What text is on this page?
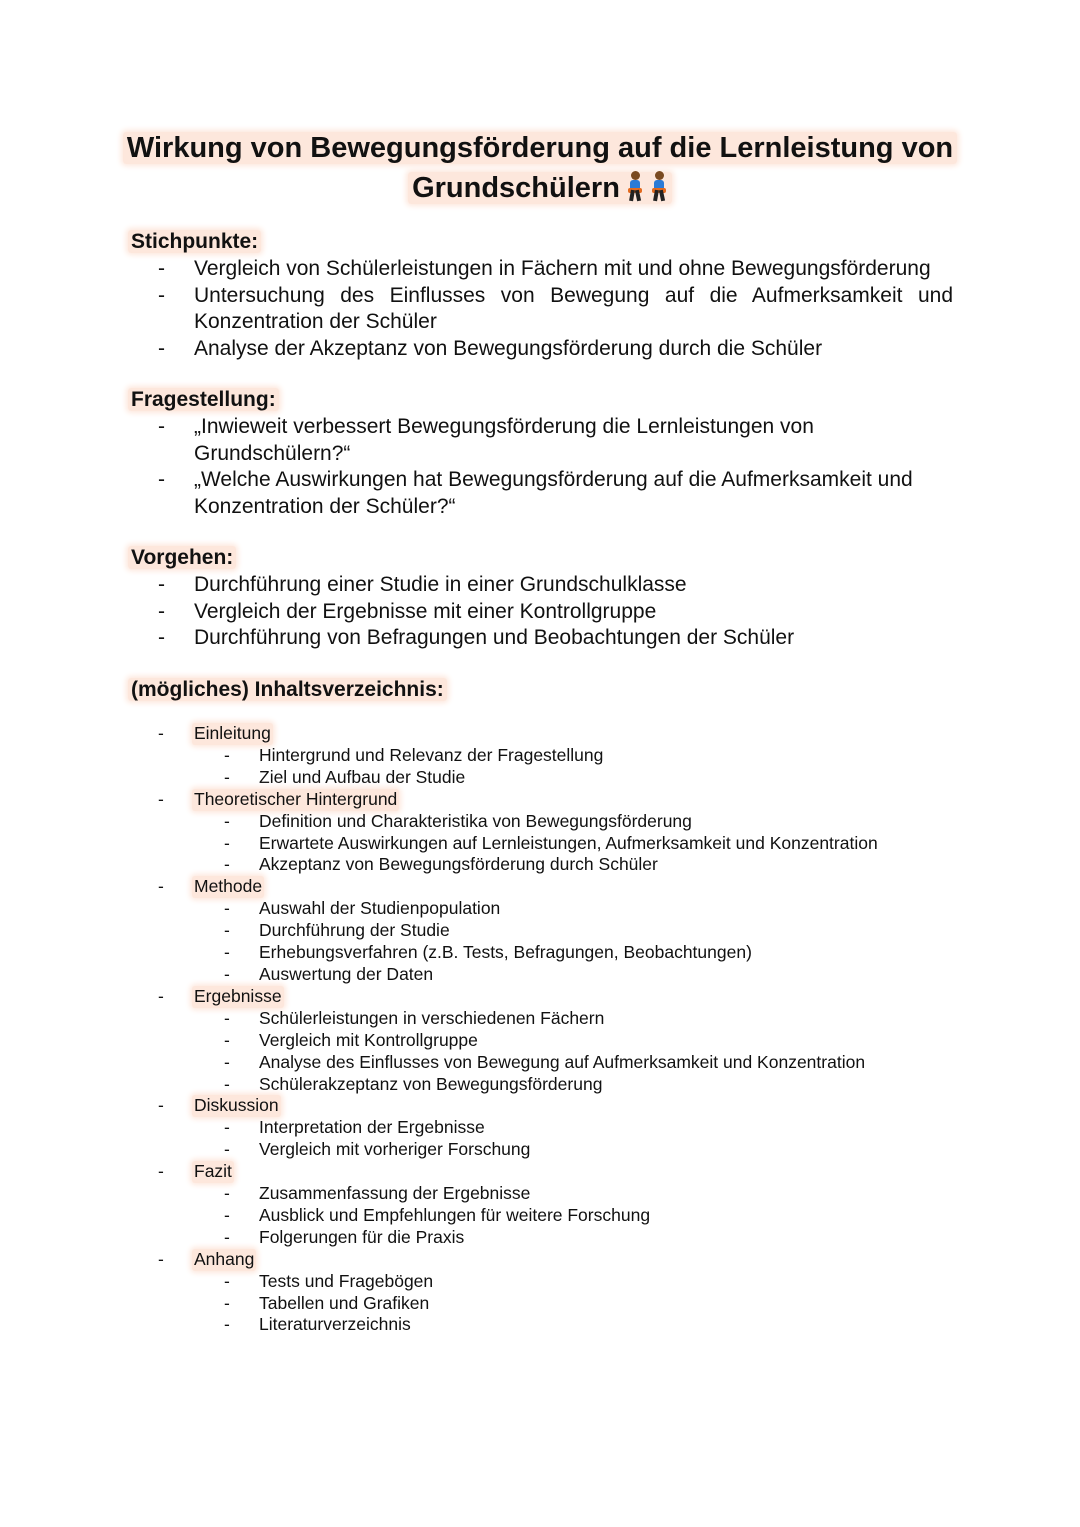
Wirkung von Bewegungsförderung auf die Lernleistung von
Grundschülern
Stichpunkte:
- Vergleich von Schülerleistungen in Fächern mit und ohne Bewegungsförderung
- Untersuchung des Einflusses von Bewegung auf die Aufmerksamkeit und Konzentration der Schüler
- Analyse der Akzeptanz von Bewegungsförderung durch die Schüler
Fragestellung:
- „Inwieweit verbessert Bewegungsförderung die Lernleistungen von Grundschülern?“
- „Welche Auswirkungen hat Bewegungsförderung auf die Aufmerksamkeit und Konzentration der Schüler?“
Vorgehen:
- Durchführung einer Studie in einer Grundschulklasse
- Vergleich der Ergebnisse mit einer Kontrollgruppe
- Durchführung von Befragungen und Beobachtungen der Schüler
(mögliches) Inhaltsverzeichnis:
- Einleitung
- Hintergrund und Relevanz der Fragestellung
- Ziel und Aufbau der Studie
- Theoretischer Hintergrund
- Definition und Charakteristika von Bewegungsförderung
- Erwartete Auswirkungen auf Lernleistungen, Aufmerksamkeit und Konzentration
- Akzeptanz von Bewegungsförderung durch Schüler
- Methode
- Auswahl der Studienpopulation
- Durchführung der Studie
- Erhebungsverfahren (z.B. Tests, Befragungen, Beobachtungen)
- Auswertung der Daten
- Ergebnisse
- Schülerleistungen in verschiedenen Fächern
- Vergleich mit Kontrollgruppe
- Analyse des Einflusses von Bewegung auf Aufmerksamkeit und Konzentration
- Schülerakzeptanz von Bewegungsförderung
- Diskussion
- Interpretation der Ergebnisse
- Vergleich mit vorheriger Forschung
- Fazit
- Zusammenfassung der Ergebnisse
- Ausblick und Empfehlungen für weitere Forschung
- Folgerungen für die Praxis
- Anhang
- Tests und Fragebögen
- Tabellen und Grafiken
- Literaturverzeichnis
